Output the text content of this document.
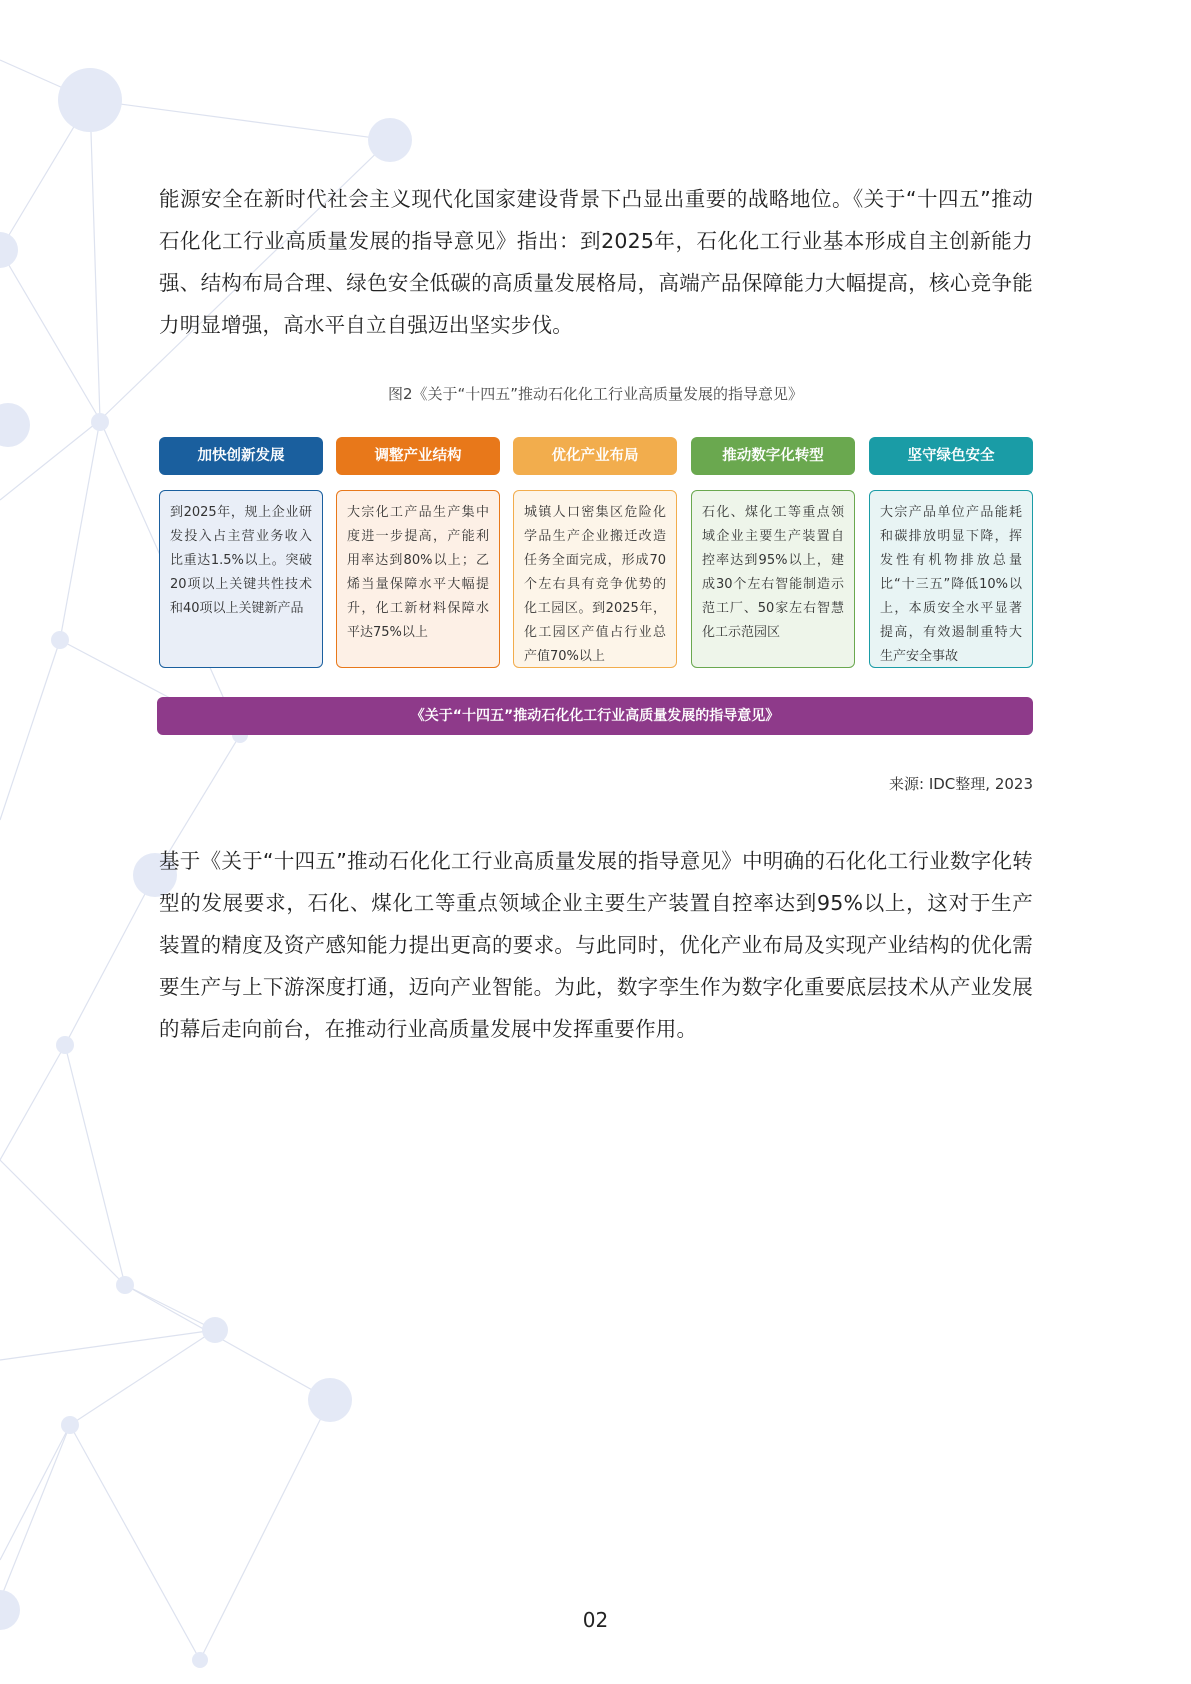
能源安全在新时代社会主义现代化国家建设背景下凸显出重要的战略地位。《关于“十四五”推动石化化工行业高质量发展的指导意见》指出：到2025年，石化化工行业基本形成自主创新能力强、结构布局合理、绿色安全低碳的高质量发展格局，高端产品保障能力大幅提高，核心竞争能力明显增强，高水平自立自强迈出坚实步伐。

图2《关于“十四五”推动石化化工行业高质量发展的指导意见》
加快创新发展
到2025年，规上企业研发投入占主营业务收入比重达1.5%以上。突破20项以上关键共性技术和40项以上关键新产品
调整产业结构
大宗化工产品生产集中度进一步提高，产能利用率达到80%以上；乙烯当量保障水平大幅提升，化工新材料保障水平达75%以上
优化产业布局
城镇人口密集区危险化学品生产企业搬迁改造任务全面完成，形成70个左右具有竞争优势的化工园区。到2025年，化工园区产值占行业总产值70%以上
推动数字化转型
石化、煤化工等重点领域企业主要生产装置自控率达到95%以上，建成30个左右智能制造示范工厂、50家左右智慧化工示范园区
坚守绿色安全
大宗产品单位产品能耗和碳排放明显下降，挥发性有机物排放总量比“十三五”降低10%以上，本质安全水平显著提高，有效遏制重特大生产安全事故
《关于“十四五”推动石化化工行业高质量发展的指导意见》
来源: IDC整理, 2023

基于《关于“十四五”推动石化化工行业高质量发展的指导意见》中明确的石化化工行业数字化转型的发展要求，石化、煤化工等重点领域企业主要生产装置自控率达到95%以上，这对于生产装置的精度及资产感知能力提出更高的要求。与此同时，优化产业布局及实现产业结构的优化需要生产与上下游深度打通，迈向产业智能。为此，数字孪生作为数字化重要底层技术从产业发展的幕后走向前台，在推动行业高质量发展中发挥重要作用。

02
